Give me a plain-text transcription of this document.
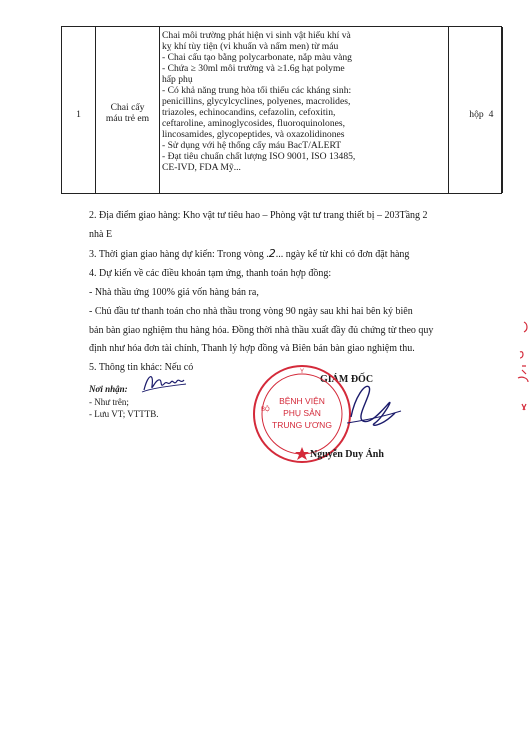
1
Chai cấy
máu trẻ em
Chai môi trường phát hiện vi sinh vật hiếu khí và
kỵ khí tùy tiện (vi khuẩn và nấm men) từ máu
- Chai cấu tạo bằng polycarbonate, nắp màu vàng
- Chứa ≥ 30ml môi trường và ≥1.6g hạt polyme
hấp phụ
- Có khả năng trung hòa tối thiểu các kháng sinh:
penicillins, glycylcyclines, polyenes, macrolides,
triazoles, echinocandins, cefazolin, cefoxitin,
ceftaroline, aminoglycosides, fluoroquinolones,
lincosamides, glycopeptides, và oxazolidinones
- Sử dụng với hệ thống cấy máu BacT/ALERT
- Đạt tiêu chuẩn chất lượng ISO 9001, ISO 13485,
CE-IVD, FDA Mỹ...
hộp 4
2. Địa điểm giao hàng: Kho vật tư tiêu hao – Phòng vật tư trang thiết bị – 203Tầng 2
nhà E
3. Thời gian giao hàng dự kiến: Trong vòng .2... ngày kể từ khi có đơn đặt hàng
4. Dự kiến về các điều khoản tạm ứng, thanh toán hợp đồng:
- Nhà thầu ứng 100% giá vốn hàng bán ra,
- Chủ đầu tư thanh toán cho nhà thầu trong vòng 90 ngày sau khi hai bên ký biên
bản bàn giao nghiệm thu hàng hóa. Đồng thời nhà thầu xuất đầy đủ chứng từ theo quy
định như hóa đơn tài chính, Thanh lý hợp đồng và Biên bản bàn giao nghiệm thu.
5. Thông tin khác: Nếu có
Nơi nhận:
- Như trên;
- Lưu VT; VTTTB.
GIÁM ĐỐC
BỆNH VIỆN
PHỤ SẢN
TRUNG ƯƠNG
Y
BỘ
Nguyễn Duy Ánh
